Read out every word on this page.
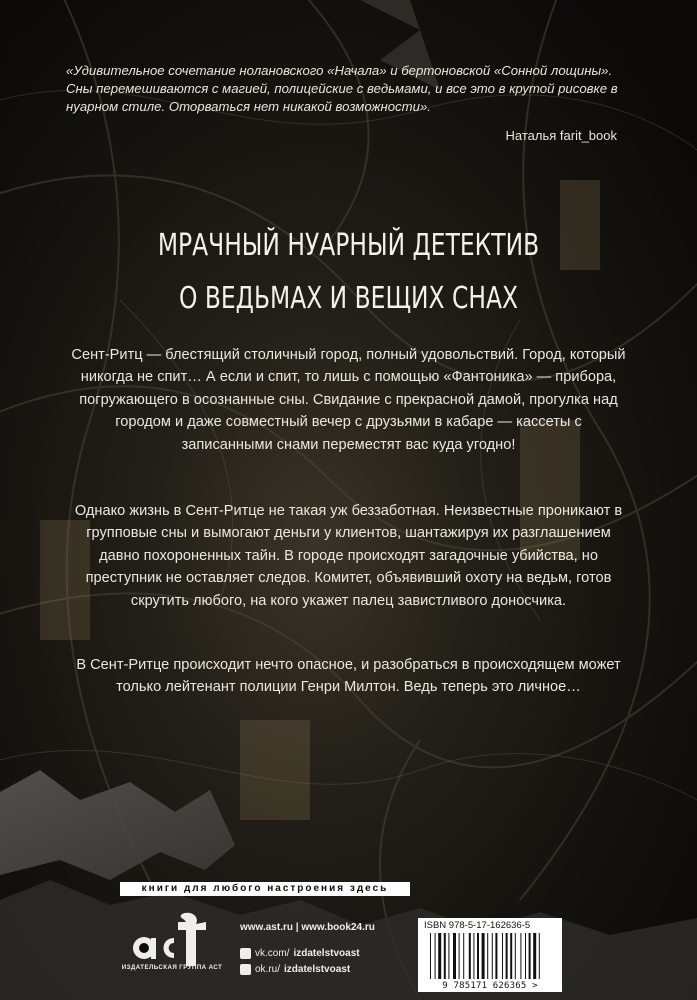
«Удивительное сочетание нолановского «Начала» и бертоновской «Сонной лощины». Сны перемешиваются с магией, полицейские с ведьмами, и все это в крутой рисовке в нуарном стиле. Оторваться нет никакой возможности».

Наталья farit_book
МРАЧНЫЙ НУАРНЫЙ ДЕТЕКТИВ
О ВЕДЬМАХ И ВЕЩИХ СНАХ

Сент-Ритц — блестящий столичный город, полный удовольствий. Город, который никогда не спит… А если и спит, то лишь с помощью «Фантоника» — прибора, погружающего в осознанные сны. Свидание с прекрасной дамой, прогулка над городом и даже совместный вечер с друзьями в кабаре — кассеты с записанными снами переместят вас куда угодно!

Однако жизнь в Сент-Ритце не такая уж беззаботная. Неизвестные проникают в групповые сны и вымогают деньги у клиентов, шантажируя их разглашением давно похороненных тайн. В городе происходят загадочные убийства, но преступник не оставляет следов. Комитет, объявивший охоту на ведьм, готов скрутить любого, на кого укажет палец завистливого доносчика.

В Сент-Ритце происходит нечто опасное, и разобраться в происходящем может только лейтенант полиции Генри Милтон. Ведь теперь это личное…

книги для любого настроения здесь
ИЗДАТЕЛЬСКАЯ ГРУППА АСТ
www.ast.ru | www.book24.ru
vk.com/ izdatelstvoast
ok.ru/ izdatelstvoast
ISBN 978-5-17-162636-5
9 785171 626365 >
